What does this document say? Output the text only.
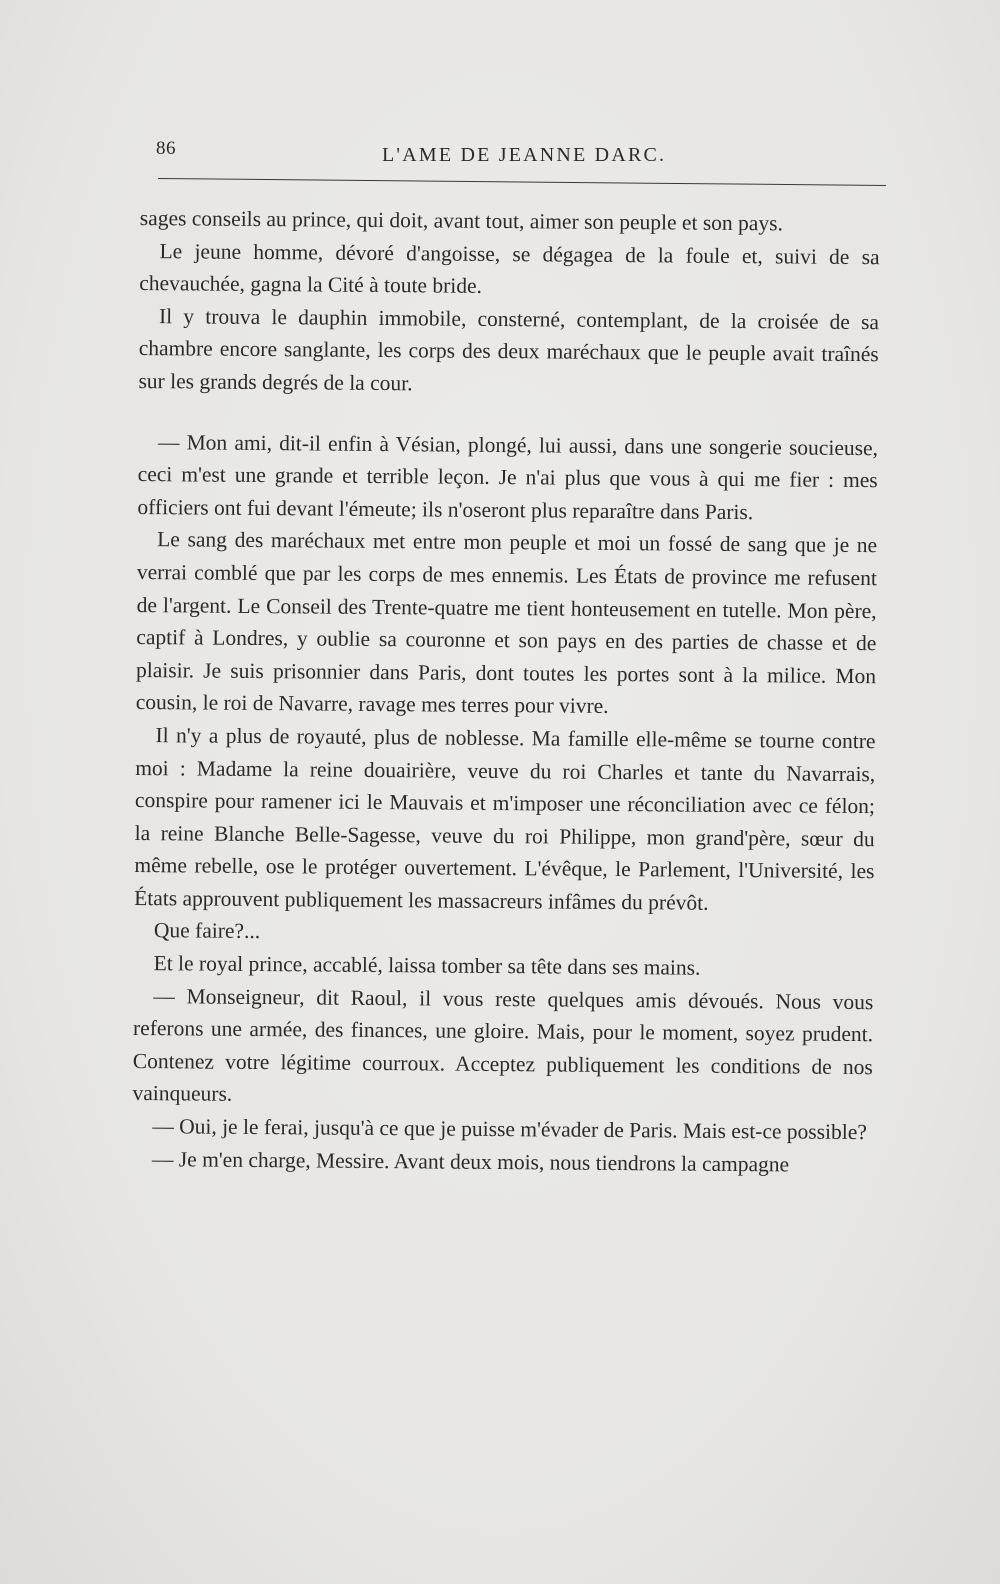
86	L'AME DE JEANNE DARC.

sages conseils au prince, qui doit, avant tout, aimer son peuple et son pays.

Le jeune homme, dévoré d'angoisse, se dégagea de la foule et, suivi de sa chevauchée, gagna la Cité à toute bride.

Il y trouva le dauphin immobile, consterné, contemplant, de la croisée de sa chambre encore sanglante, les corps des deux maréchaux que le peuple avait traînés sur les grands degrés de la cour.

— Mon ami, dit-il enfin à Vésian, plongé, lui aussi, dans une songerie soucieuse, ceci m'est une grande et terrible leçon. Je n'ai plus que vous à qui me fier : mes officiers ont fui devant l'émeute; ils n'oseront plus reparaître dans Paris.

Le sang des maréchaux met entre mon peuple et moi un fossé de sang que je ne verrai comblé que par les corps de mes ennemis. Les États de province me refusent de l'argent. Le Conseil des Trente-quatre me tient honteusement en tutelle. Mon père, captif à Londres, y oublie sa couronne et son pays en des parties de chasse et de plaisir. Je suis prisonnier dans Paris, dont toutes les portes sont à la milice. Mon cousin, le roi de Navarre, ravage mes terres pour vivre.

Il n'y a plus de royauté, plus de noblesse. Ma famille elle-même se tourne contre moi : Madame la reine douairière, veuve du roi Charles et tante du Navarrais, conspire pour ramener ici le Mauvais et m'imposer une réconciliation avec ce félon; la reine Blanche Belle-Sagesse, veuve du roi Philippe, mon grand'père, sœur du même rebelle, ose le protéger ouvertement. L'évêque, le Parlement, l'Université, les États approuvent publiquement les massacreurs infâmes du prévôt.

Que faire?...

Et le royal prince, accablé, laissa tomber sa tête dans ses mains.

— Monseigneur, dit Raoul, il vous reste quelques amis dévoués. Nous vous referons une armée, des finances, une gloire. Mais, pour le moment, soyez prudent. Contenez votre légitime courroux. Acceptez publiquement les conditions de nos vainqueurs.

— Oui, je le ferai, jusqu'à ce que je puisse m'évader de Paris. Mais est-ce possible?

— Je m'en charge, Messire. Avant deux mois, nous tiendrons la campagne
